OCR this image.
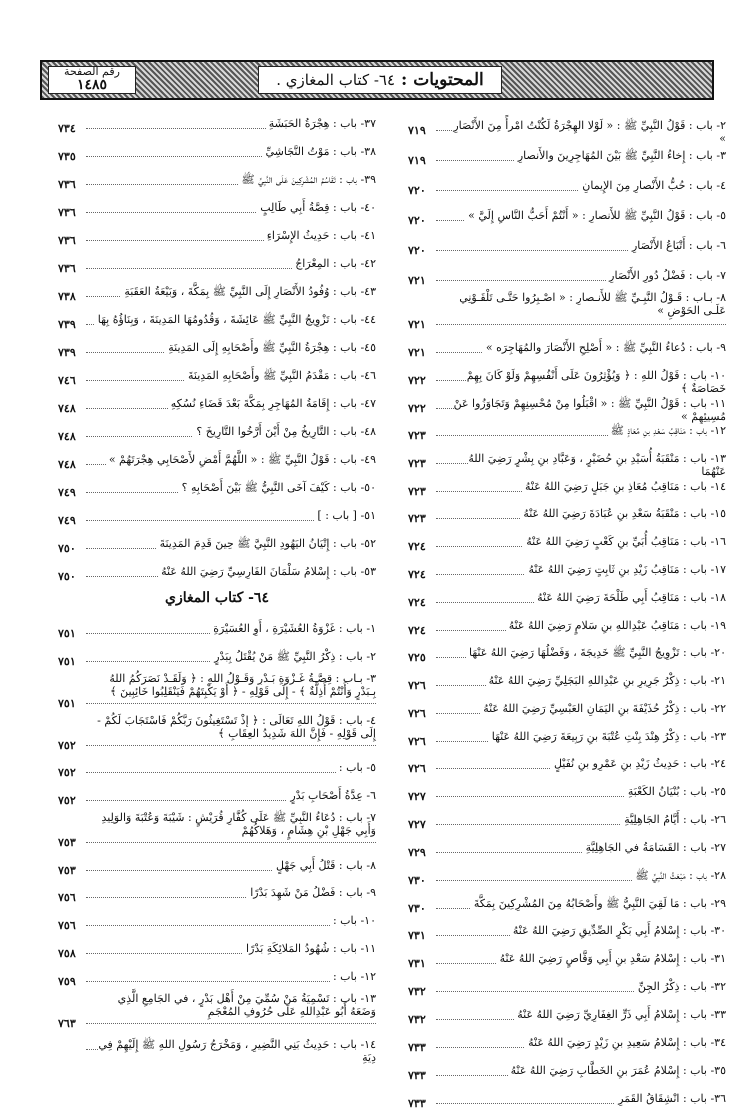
المحتويات :
٦٤- كتاب المغازي .
رقم الصفحة
١٤٨٥
٢- باب : قَوْلُ النَّبِيِّ ﷺ : « لَوْلا الهِجْرَةُ لَكُنْتُ امْرأً مِنَ الأَنْصَارِ »
٧١٩
٣- باب : إِخاءُ النَّبِيِّ ﷺ بَيْنَ المُهَاجِرِينَ والأَنصارِ
٧١٩
٤- باب : حُبُّ الأَنْصارِ مِنَ الإِيمانِ
٧٢٠
٥- باب : قَوْلُ النَّبِيِّ ﷺ للأَنصارِ : « أَنْتُمْ أَحَبُّ النَّاسِ إِلَيَّ »
٧٢٠
٦- باب : أَتْبَاعُ الأَنْصَارِ
٧٢٠
٧- باب : فَضْلُ دُورِ الأَنْصَارِ
٧٢١
٨- بـاب : قَـوْلُ النَّبِـيِّ ﷺ للأَنـصارِ : « اصْـبِرُوا حَتَّـى تَلْقَـوْنِي عَلَـى الحَوْضِ »
٧٢١
٩- باب : دُعاءُ النَّبِيِّ ﷺ : « أَصْلِحِ الأَنْصَارَ والمُهَاجِرَه »
٧٢١
١٠- باب : قَوْلُ اللهِ : ﴿ وَيُؤْثِرُونَ عَلَى أَنْفُسِهِمْ وَلَوْ كَانَ بِهِمْ خَصَاصَةٌ ﴾
٧٢٢
١١- باب : قَوْلُ النَّبِيِّ ﷺ : « اقْبَلُوا مِنْ مُحْسِنِهِمْ وَتَجَاوَزُوا عَنْ مُسِيئِهِمْ »
٧٢٢
١٢- باب : مَنَاقِبُ سَعْدِ بنِ مُعَاذٍ ﷺ
٧٢٣
١٣- باب : مَنْقَبَةُ أُسَيْدِ بنِ حُضَيْرٍ ، وَعَبَّادِ بنِ بِشْرٍ رَضِيَ اللهُ عَنْهُمَا
٧٢٣
١٤- باب : مَنَاقِبُ مُعَاذِ بنِ جَبَلٍ رَضِيَ اللهُ عَنْهُ
٧٢٣
١٥- باب : مَنْقَبَةُ سَعْدِ بنِ عُبَادَةَ رَضِيَ اللهُ عَنْهُ
٧٢٣
١٦- باب : مَنَاقِبُ أُبَيِّ بنِ كَعْبٍ رَضِيَ اللهُ عَنْهُ
٧٢٤
١٧- باب : مَنَاقِبُ زَيْدِ بنِ ثَابِتٍ رَضِيَ اللهُ عَنْهُ
٧٢٤
١٨- باب : مَنَاقِبُ أَبِي طَلْحَةَ رَضِيَ اللهُ عَنْهُ
٧٢٤
١٩- باب : مَنَاقِبُ عَبْدِاللهِ بنِ سَلامٍ رَضِيَ اللهُ عَنْهُ
٧٢٤
٢٠- باب : تَزْوِيجُ النَّبِيِّ ﷺ خَدِيجَةَ ، وَفَضْلُهَا رَضِيَ اللهُ عَنْهَا
٧٢٥
٢١- باب : ذِكْرُ جَرِيرِ بنِ عَبْدِاللهِ البَجَلِيِّ رَضِيَ اللهُ عَنْهُ
٧٢٦
٢٢- باب : ذِكْرُ حُذَيْفَةَ بنِ اليَمَانِ العَبْسِيِّ رَضِيَ اللهُ عَنْهُ
٧٢٦
٢٣- باب : ذِكْرُ هِنْدَ بِنْتِ عُتْبَةَ بنِ رَبِيعَةَ رَضِيَ اللهُ عَنْهَا
٧٢٦
٢٤- باب : حَدِيثُ زَيْدِ بنِ عَمْرِو بنِ نُفَيْلٍ
٧٢٦
٢٥- باب : بُنْيَانُ الكَعْبَةِ
٧٢٧
٢٦- باب : أَيَّامُ الجَاهِلِيَّةِ
٧٢٧
٢٧- باب : القَسَامَةُ في الجَاهِلِيَّةِ
٧٢٩
٢٨- باب : مَبْعَثُ النَّبِيِّ ﷺ
٧٣٠
٢٩- باب : مَا لَقِيَ النَّبِيُّ ﷺ وأَصْحَابُهُ مِنَ المُشْرِكِينَ بِمَكَّةَ
٧٣٠
٣٠- باب : إِسْلامُ أَبِي بَكْرٍ الصِّدِّيقِ رَضِيَ اللهُ عَنْهُ
٧٣١
٣١- باب : إِسْلامُ سَعْدِ بنِ أَبِي وَقَّاصٍ رَضِيَ اللهُ عَنْهُ
٧٣١
٣٢- باب : ذِكْرُ الجِنِّ
٧٣٢
٣٣- باب : إِسْلامُ أَبِي ذَرٍّ الغِفَارِيِّ رَضِيَ اللهُ عَنْهُ
٧٣٢
٣٤- باب : إِسْلامُ سَعِيدِ بنِ زَيْدٍ رَضِيَ اللهُ عَنْهُ
٧٣٣
٣٥- باب : إِسْلامُ عُمَرَ بنِ الخَطَّابِ رَضِيَ اللهُ عَنْهُ
٧٣٣
٣٦- باب : انْشِقَاقُ القَمَرِ
٧٣٣
٣٧- باب : هِجْرَةُ الحَبَشَةِ
٧٣٤
٣٨- باب : مَوْتُ النَّجَاشِيِّ
٧٣٥
٣٩- باب : تَقَاسُمُ المُشْرِكِينَ عَلَى النَّبِيِّ ﷺ
٧٣٦
٤٠- باب : قِصَّةُ أَبِي طَالِبٍ
٧٣٦
٤١- باب : حَدِيثُ الإِسْرَاءِ
٧٣٦
٤٢- باب : المِعْرَاجُ
٧٣٦
٤٣- باب : وُفُودُ الأَنْصَارِ إِلَى النَّبِيِّ ﷺ بِمَكَّةَ ، وَبَيْعَةُ العَقَبَةِ
٧٣٨
٤٤- باب : تَزْوِيجُ النَّبِيِّ ﷺ عَائِشَةَ ، وَقُدُومُهَا المَدِينَةَ ، وَبِنَاؤُهُ بِهَا
٧٣٩
٤٥- باب : هِجْرَةُ النَّبِيِّ ﷺ وأَصْحَابِهِ إِلَى المَدِينَةِ
٧٣٩
٤٦- باب : مَقْدَمُ النَّبِيِّ ﷺ وأَصْحَابِهِ المَدِينَةَ
٧٤٦
٤٧- باب : إِقَامَةُ المُهَاجِرِ بِمَكَّةَ بَعْدَ قَضَاءِ نُسُكِهِ
٧٤٨
٤٨- باب : التَّارِيخُ مِنْ أَيْنَ أَرَّخُوا التَّارِيخَ ؟
٧٤٨
٤٩- باب : قَوْلُ النَّبِيِّ ﷺ : « اللَّهُمَّ أَمْضِ لأَصْحَابِي هِجْرَتَهُمْ »
٧٤٨
٥٠- باب : كَيْفَ آخَى النَّبِيُّ ﷺ بَيْنَ أَصْحَابِهِ ؟
٧٤٩
٥١- [ باب : ]
٧٤٩
٥٢- باب : إِتْيَانُ اليَهُودِ النَّبِيَّ ﷺ حِينَ قَدِمَ المَدِينَةَ
٧٥٠
٥٣- باب : إِسْلامُ سَلْمَانَ الفَارِسِيِّ رَضِيَ اللهُ عَنْهُ
٧٥٠
٦٤- كتاب المغازي
١- باب : غَزْوَةُ العُشَيْرَةِ ، أَوِ العُسَيْرَةِ
٧٥١
٢- باب : ذِكْرُ النَّبِيِّ ﷺ مَنْ يُقْتَلُ بِبَدْرٍ
٧٥١
٣- بـاب : قِصَّـةُ غَـزْوَةِ بَـدْرٍ وَقَـوْلُ اللهِ : ﴿ وَلَقَـدْ نَصَرَكُمُ اللهُ بِـبَدْرٍ وَأَنْتُمْ أَذِلَّةٌ ﴾ - إِلَى قَوْلِهِ - ﴿ أَوْ يَكْبِتَهُمْ فَيَنْقَلِبُوا خَائِبِينَ ﴾
٧٥١
٤- باب : قَوْلُ اللهِ تَعَالَى : ﴿ إِذْ تَسْتَغِيثُونَ رَبَّكُمْ فَاسْتَجَابَ لَكُمْ - إِلَى قَوْلِهِ - فَإِنَّ اللهَ شَدِيدُ العِقَابِ ﴾
٧٥٢
٥- باب :
٧٥٢
٦- عِدَّةُ أَصْحَابِ بَدْرٍ
٧٥٢
٧- باب : دُعَاءُ النَّبِيِّ ﷺ عَلَى كُفَّارِ قُرَيْشٍ : شَيْبَةَ وَعُتْبَةَ وَالوَلِيدِ وَأَبِي جَهْلِ بْنِ هِشَامٍ ، وَهَلاكُهُمْ
٧٥٣
٨- باب : قَتْلُ أَبِي جَهْلٍ
٧٥٣
٩- باب : فَضْلُ مَنْ شَهِدَ بَدْرًا
٧٥٦
١٠- باب :
٧٥٦
١١- باب : شُهُودُ المَلائِكَةِ بَدْرًا
٧٥٨
١٢- باب :
٧٥٩
١٣- باب : تَسْمِيَةُ مَنْ سُمِّيَ مِنْ أَهْلِ بَدْرٍ ، في الجَامِعِ الَّذِي وَضَعَهُ أَبُو عَبْدِاللهِ عَلَى حُرُوفِ المُعْجَمِ
٧٦٣
١٤- باب : حَدِيثُ بَنِي النَّضِيرِ ، وَمَخْرَجُ رَسُولِ اللهِ ﷺ إِلَيْهِمْ فِي دِيَةِ
